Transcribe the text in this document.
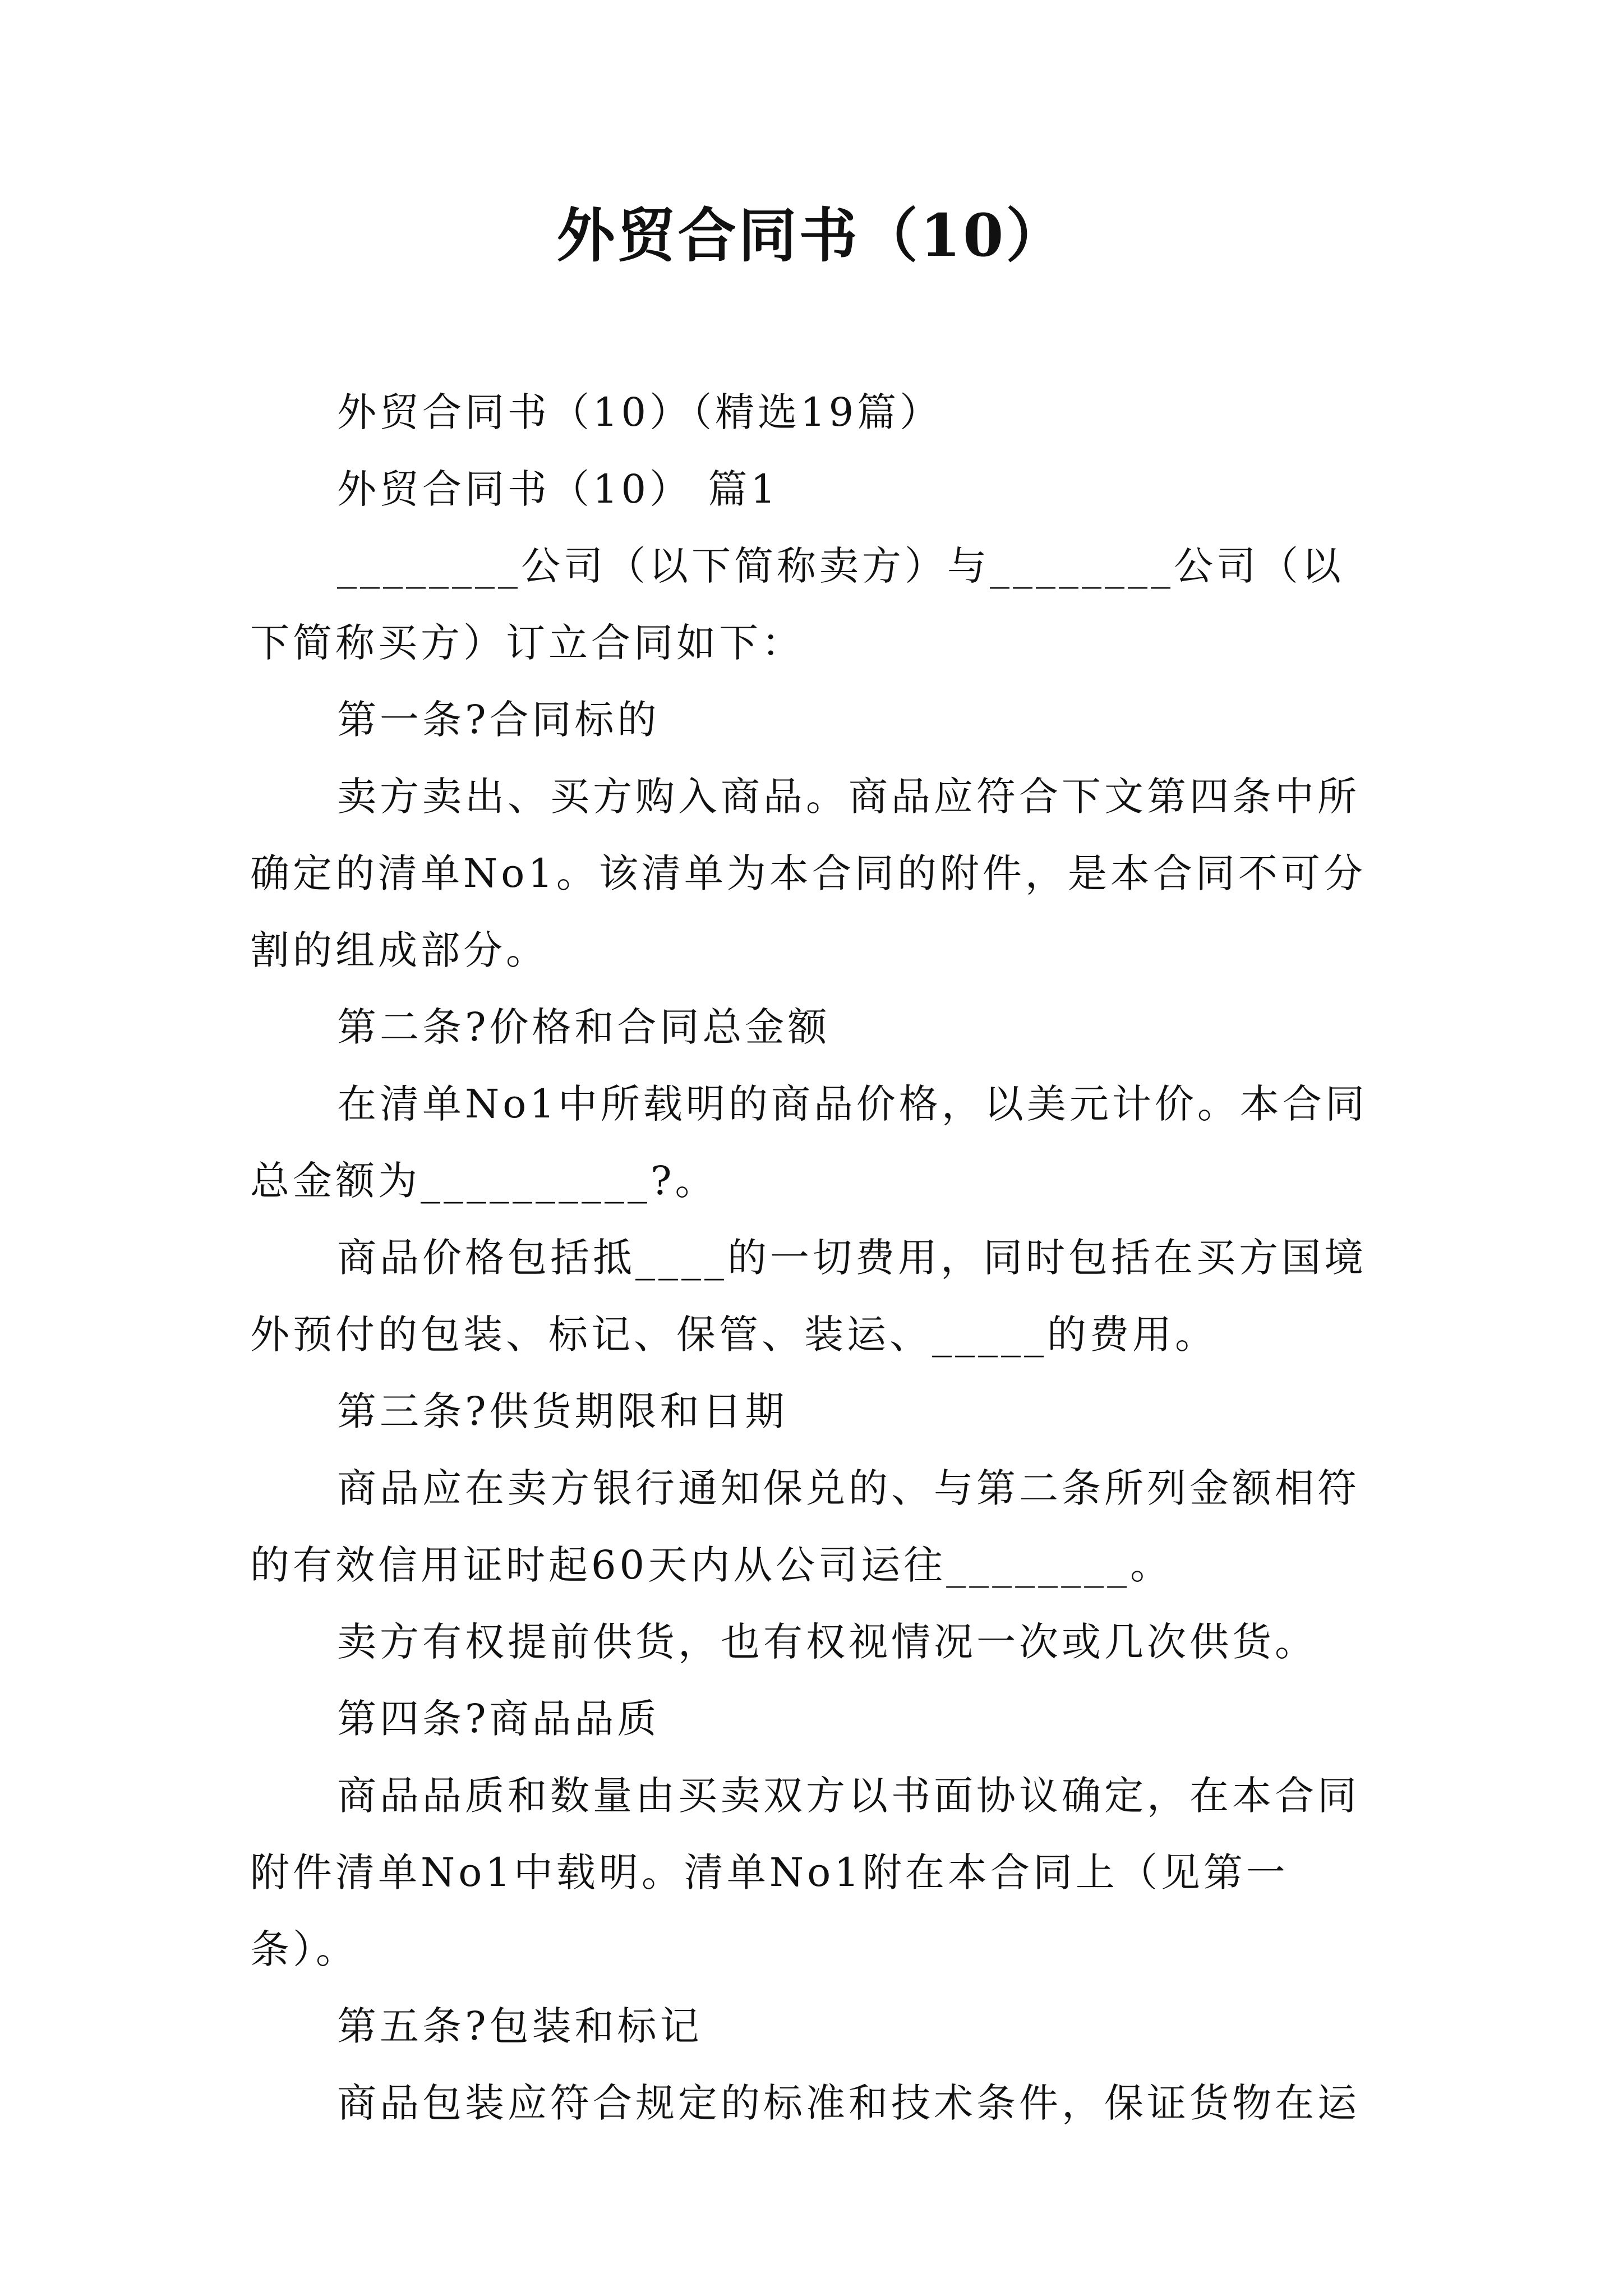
外贸合同书（10）

外贸合同书（10）（精选19篇）

外贸合同书（10） 篇1

________公司（以下简称卖方）与________公司（以下简称买方）订立合同如下：

第一条?合同标的

卖方卖出、买方购入商品。商品应符合下文第四条中所确定的清单No1。该清单为本合同的附件，是本合同不可分割的组成部分。

第二条?价格和合同总金额

在清单No1中所载明的商品价格，以美元计价。本合同总金额为__________?。

商品价格包括抵____的一切费用，同时包括在买方国境外预付的包装、标记、保管、装运、_____的费用。

第三条?供货期限和日期

商品应在卖方银行通知保兑的、与第二条所列金额相符的有效信用证时起60天内从公司运往________。

卖方有权提前供货，也有权视情况一次或几次供货。

第四条?商品品质

商品品质和数量由买卖双方以书面协议确定，在本合同附件清单No1中载明。清单No1附在本合同上（见第一条）。

第五条?包装和标记

商品包装应符合规定的标准和技术条件，保证货物在运
